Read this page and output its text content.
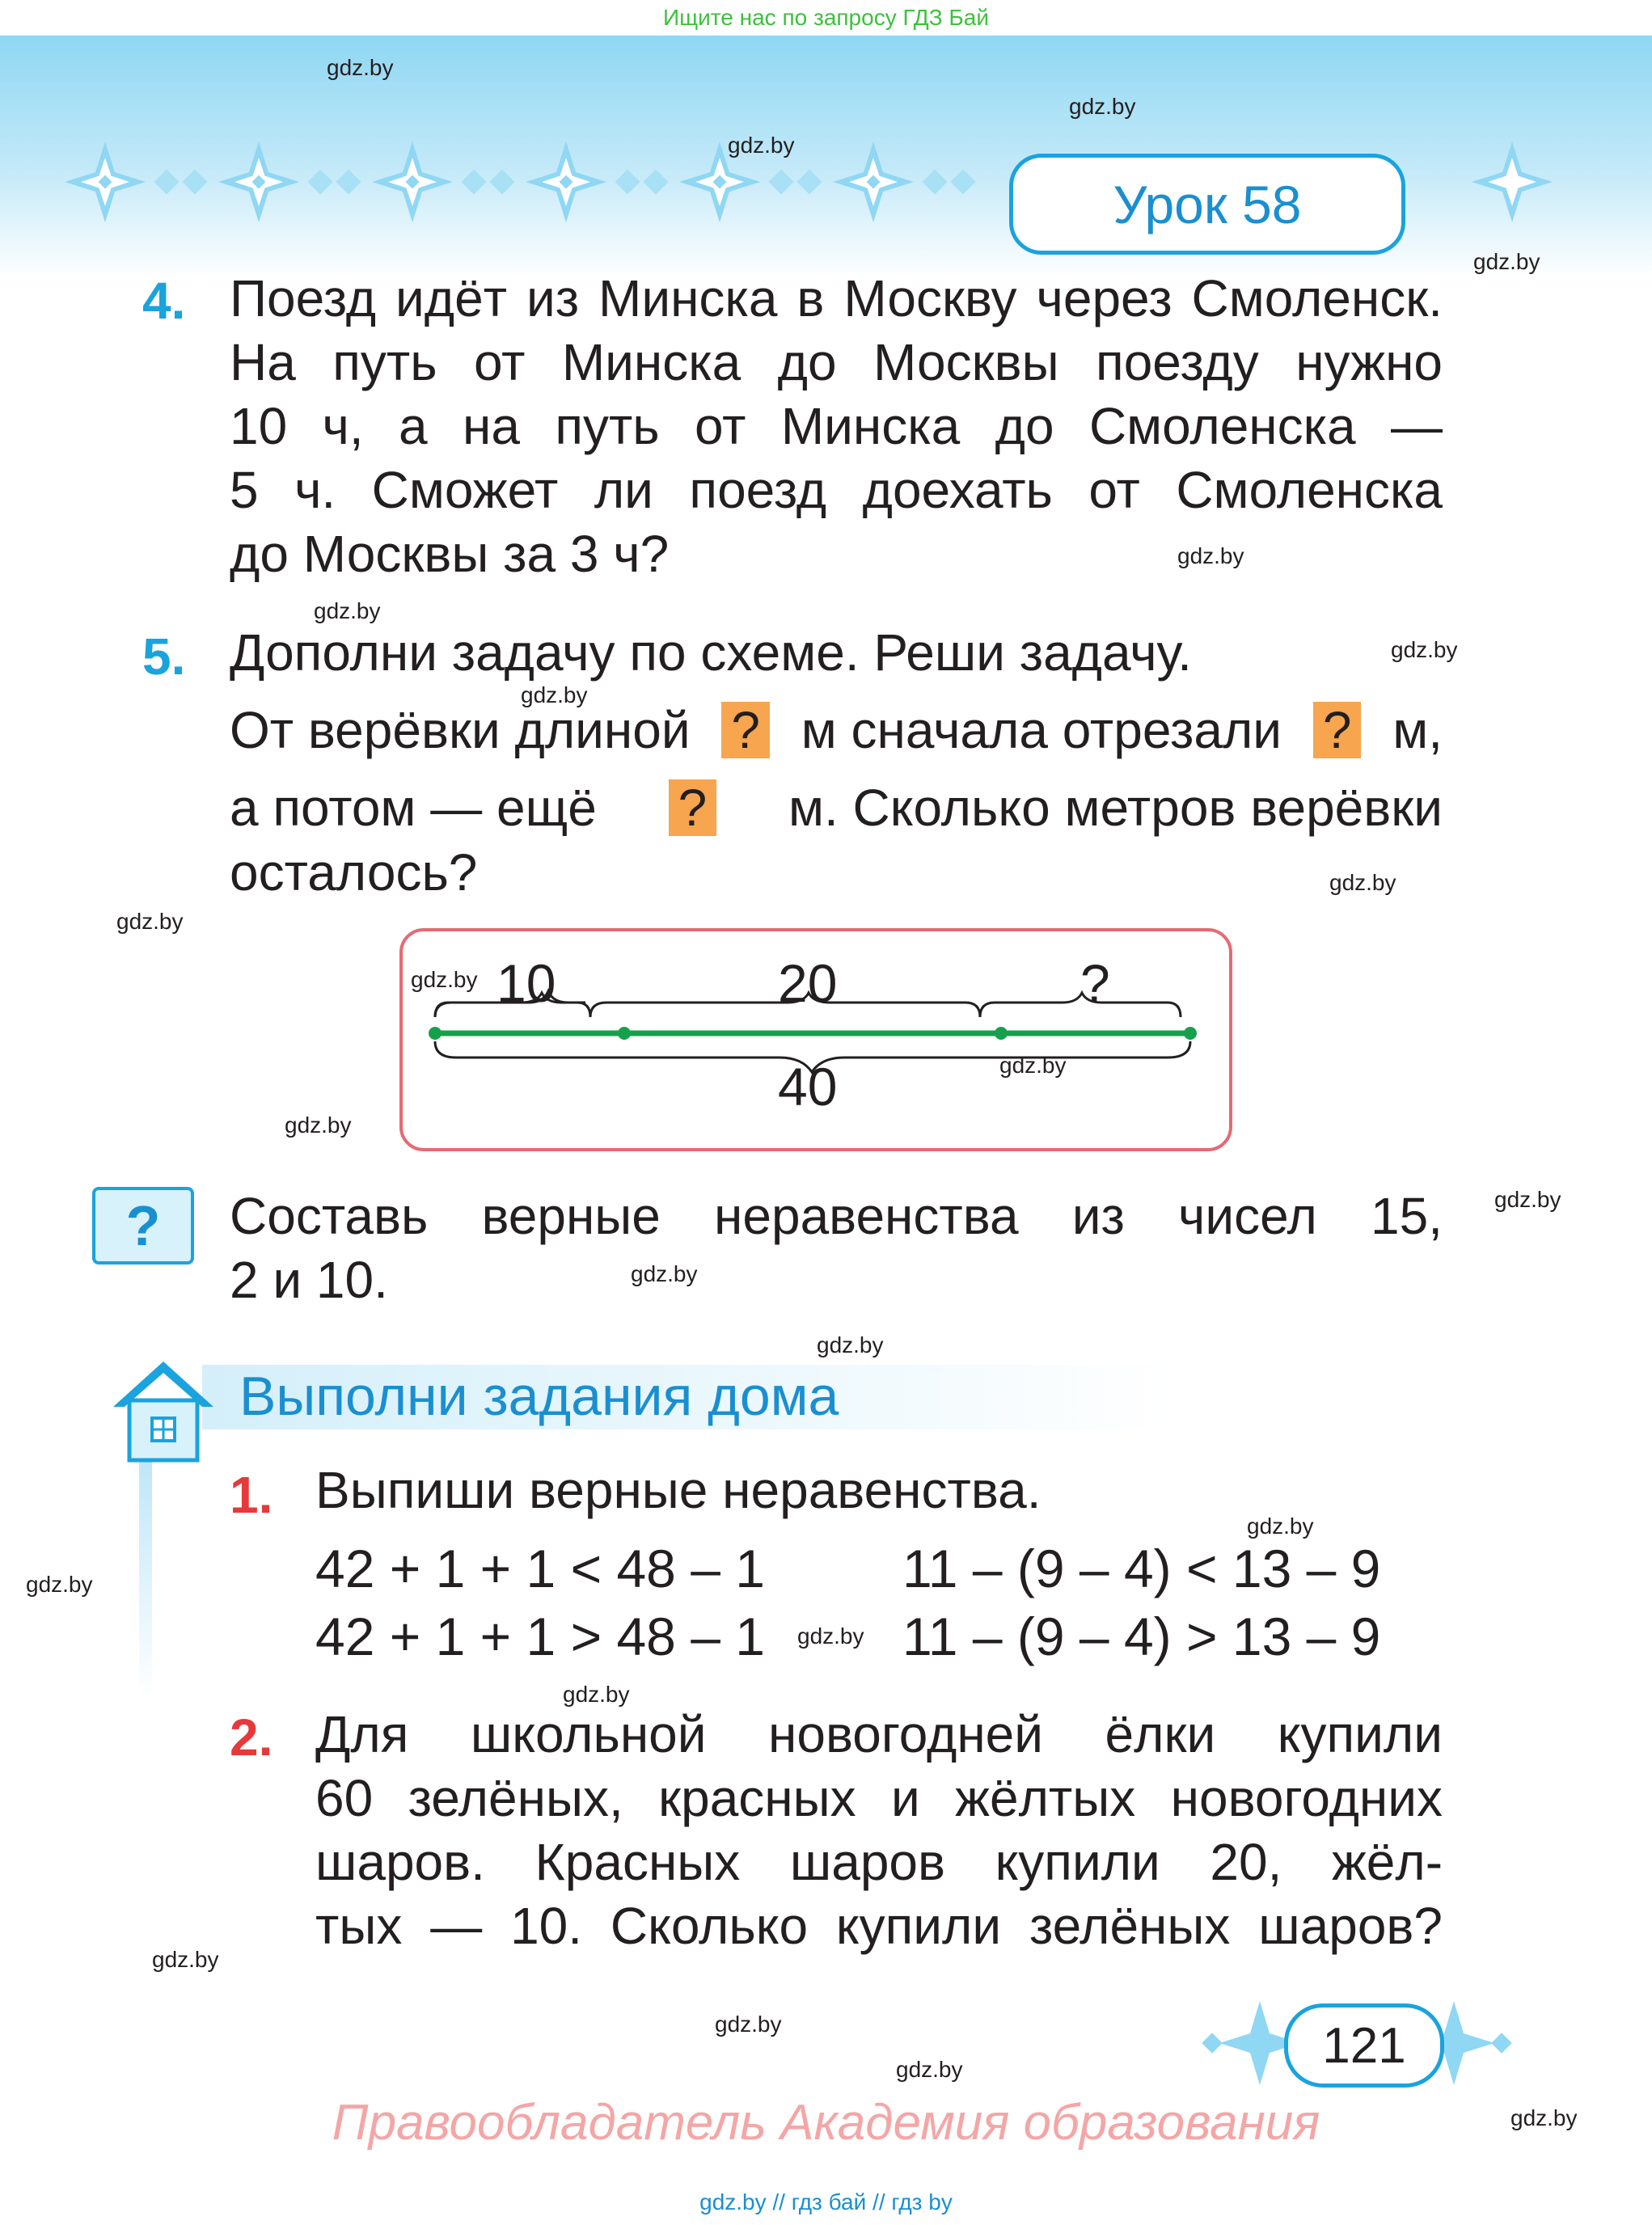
Ищите нас по запросу ГДЗ Бай
Урок 58
4. Поезд идёт из Минска в Москву через Смоленск.
На путь от Минска до Москвы поезду нужно
10 ч, а на путь от Минска до Смоленска —
5 ч. Сможет ли поезд доехать от Смоленска
до Москвы за 3 ч?
5. Дополни задачу по схеме. Реши задачу.
От верёвки длиной ? м сначала отрезали ? м,
а потом — ещё ? м. Сколько метров верёвки
осталось?
10	20	?
40
?	Составь верные неравенства из чисел 15,
2 и 10.
Выполни задания дома
1. Выпиши верные неравенства.
42 + 1 + 1 < 48 – 1	11 – (9 – 4) < 13 – 9
42 + 1 + 1 > 48 – 1	11 – (9 – 4) > 13 – 9
2. Для школьной новогодней ёлки купили
60 зелёных, красных и жёлтых новогодних
шаров. Красных шаров купили 20, жёл-
тых — 10. Сколько купили зелёных шаров?
121
Правообладатель Академия образования
gdz.by // гдз бай // гдз by
gdz.by
gdz.by
gdz.by
gdz.by
gdz.by
gdz.by
gdz.by
gdz.by
gdz.by
gdz.by
gdz.by
gdz.by
gdz.by
gdz.by
gdz.by
gdz.by
gdz.by
gdz.by
gdz.by
gdz.by
gdz.by
gdz.by
gdz.by
gdz.by
